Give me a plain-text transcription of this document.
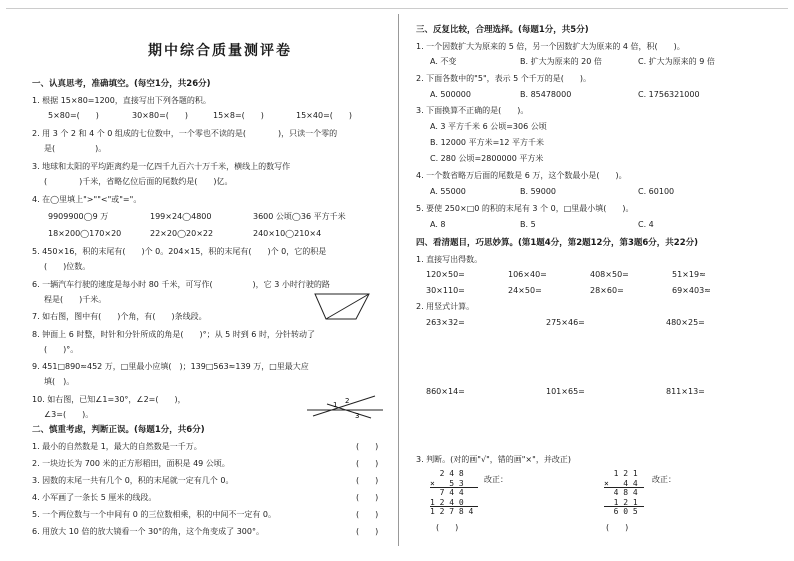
期中综合质量测评卷
一、认真思考，准确填空。(每空1分，共26分)
1. 根据 15×80=1200，直接写出下列各题的积。
5×80=(　　)	30×80=(　　)	15×8=(　　)	15×40=(　　)
2. 用 3 个 2 和 4 个 0 组成的七位数中，一个零也不读的是(　　　　)，只读一个零的
是(　　　　　)。
3. 地球和太阳的平均距离约是一亿四千九百六十万千米，横线上的数写作
(　　　　)千米，省略亿位后面的尾数约是(　　)亿。
4. 在◯里填上">""<"或"="。
9909900◯9 万	199×24◯4800	3600 公顷◯36 平方千米
18×200◯170×20	22×20◯20×22	240×10◯210×4
5. 450×16，积的末尾有(　　)个 0。204×15，积的末尾有(　　)个 0，它的积是
(　　)位数。
6. 一辆汽车行驶的速度是每小时 80 千米，可写作(　　　　　)，它 3 小时行驶的路
程是(　　)千米。
7. 如右图，图中有(　　)个角，有(　　)条线段。
8. 钟面上 6 时整，时针和分针所成的角是(　　)°；从 5 时到 6 时，分针转动了
(　　)°。
9. 451□890≈452 万，□里最小应填(　)；139□563≈139 万，□里最大应
填(　)。
10. 如右图，已知∠1=30°，∠2=(　　)，
∠3=(　　)。
1 2
3
二、慎重考虑，判断正误。(每题1分，共6分)
1. 最小的自然数是 1，最大的自然数是一千万。	(　　)
2. 一块边长为 700 米的正方形稻田，面积是 49 公顷。	(　　)
3. 因数的末尾一共有几个 0，积的末尾就一定有几个 0。	(　　)
4. 小军画了一条长 5 厘米的线段。	(　　)
5. 一个两位数与一个中间有 0 的三位数相乘，积的中间不一定有 0。	(　　)
6. 用放大 10 倍的放大镜看一个 30°的角，这个角变成了 300°。	(　　)
三、反复比较，合理选择。(每题1分，共5分)
1. 一个因数扩大为原来的 5 倍，另一个因数扩大为原来的 4 倍，积(　　)。
A. 不变	B. 扩大为原来的 20 倍	C. 扩大为原来的 9 倍
2. 下面各数中的"5"，表示 5 个千万的是(　　)。
A. 500000	B. 85478000	C. 1756321000
3. 下面换算不正确的是(　　)。
A. 3 平方千米 6 公顷=306 公顷
B. 12000 平方米=12 平方千米
C. 280 公顷=2800000 平方米
4. 一个数省略万后面的尾数是 6 万，这个数最小是(　　)。
A. 55000	B. 59000	C. 60100
5. 要使 250×□0 的积的末尾有 3 个 0，□里最小填(　　)。
A. 8	B. 5	C. 4
四、看清题目，巧思妙算。(第1题4分，第2题12分，第3题6分，共22分)
1. 直接写出得数。
120×50=	106×40=	408×50=	51×19≈
30×110=	24×50=	28×60=	69×403≈
2. 用竖式计算。
263×32=	275×46=	480×25=
860×14=	101×65=	811×13=
3. 判断。(对的画"√"，错的画"×"，并改正)
2 4 8
×   5 3
7 4 4
1 2 4 0
1 2 7 8 4
改正：
(　　)
1 2 1
×   4 4
4 8 4
1 2 1
6 0 5
改正：
(　　)
